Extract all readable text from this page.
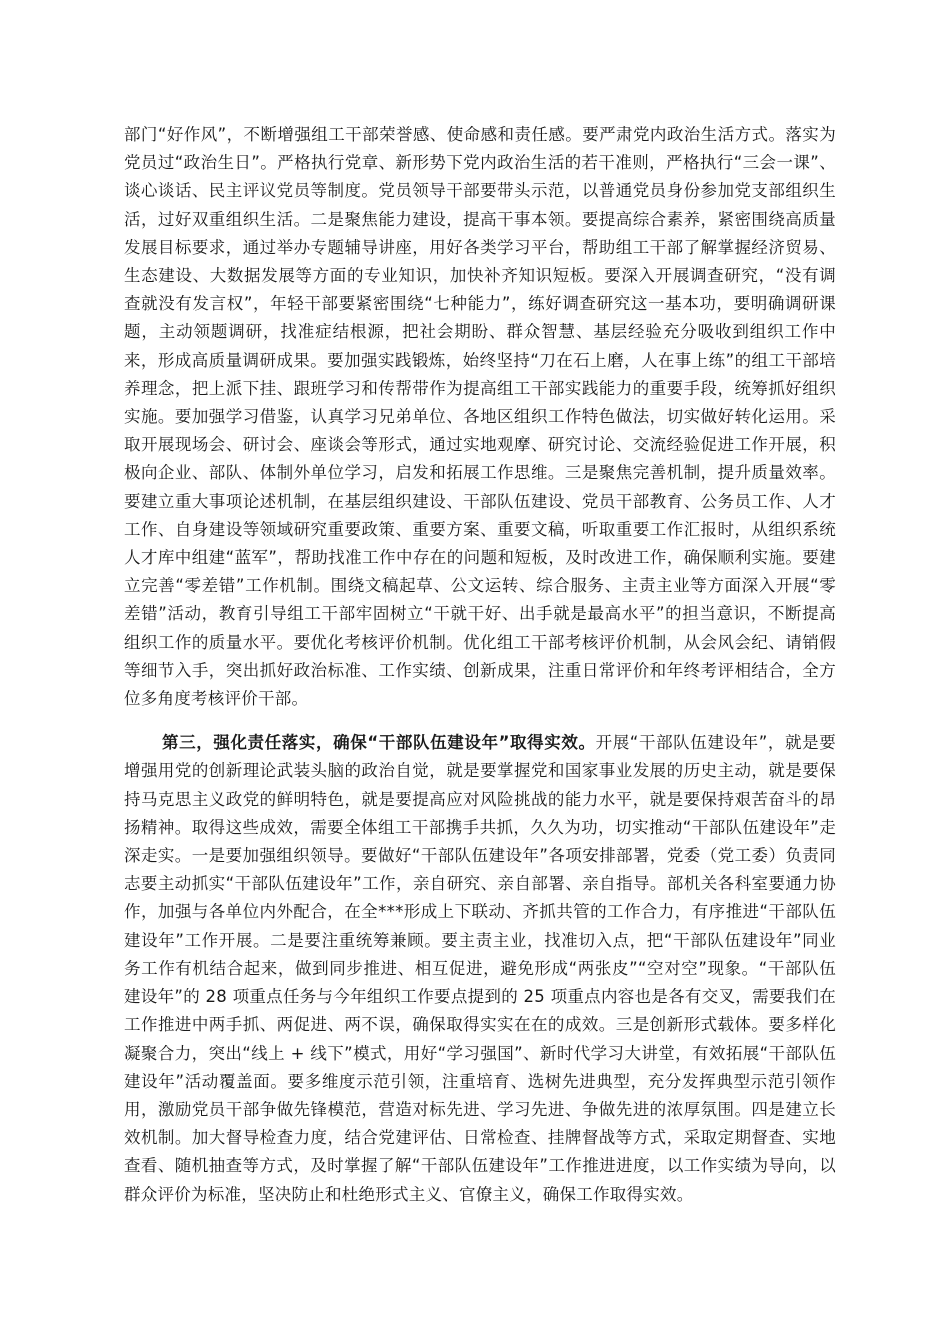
部门“好作风”，不断增强组工干部荣誉感、使命感和责任感。要严肃党内政治生活方式。落实为党员过“政治生日”。严格执行党章、新形势下党内政治生活的若干准则，严格执行“三会一课”、谈心谈话、民主评议党员等制度。党员领导干部要带头示范，以普通党员身份参加党支部组织生活，过好双重组织生活。二是聚焦能力建设，提高干事本领。要提高综合素养，紧密围绕高质量发展目标要求，通过举办专题辅导讲座，用好各类学习平台，帮助组工干部了解掌握经济贸易、生态建设、大数据发展等方面的专业知识，加快补齐知识短板。要深入开展调查研究，“没有调查就没有发言权”，年轻干部要紧密围绕“七种能力”，练好调查研究这一基本功，要明确调研课题，主动领题调研，找准症结根源，把社会期盼、群众智慧、基层经验充分吸收到组织工作中来，形成高质量调研成果。要加强实践锻炼，始终坚持“刀在石上磨，人在事上练”的组工干部培养理念，把上派下挂、跟班学习和传帮带作为提高组工干部实践能力的重要手段，统筹抓好组织实施。要加强学习借鉴，认真学习兄弟单位、各地区组织工作特色做法，切实做好转化运用。采取开展现场会、研讨会、座谈会等形式，通过实地观摩、研究讨论、交流经验促进工作开展，积极向企业、部队、体制外单位学习，启发和拓展工作思维。三是聚焦完善机制，提升质量效率。要建立重大事项论述机制，在基层组织建设、干部队伍建设、党员干部教育、公务员工作、人才工作、自身建设等领域研究重要政策、重要方案、重要文稿，听取重要工作汇报时，从组织系统人才库中组建“蓝军”，帮助找准工作中存在的问题和短板，及时改进工作，确保顺利实施。要建立完善“零差错”工作机制。围绕文稿起草、公文运转、综合服务、主责主业等方面深入开展“零差错”活动，教育引导组工干部牢固树立“干就干好、出手就是最高水平”的担当意识，不断提高组织工作的质量水平。要优化考核评价机制。优化组工干部考核评价机制，从会风会纪、请销假等细节入手，突出抓好政治标准、工作实绩、创新成果，注重日常评价和年终考评相结合，全方位多角度考核评价干部。

第三，强化责任落实，确保“干部队伍建设年”取得实效。开展“干部队伍建设年”，就是要增强用党的创新理论武装头脑的政治自觉，就是要掌握党和国家事业发展的历史主动，就是要保持马克思主义政党的鲜明特色，就是要提高应对风险挑战的能力水平，就是要保持艰苦奋斗的昂扬精神。取得这些成效，需要全体组工干部携手共抓，久久为功，切实推动“干部队伍建设年”走深走实。一是要加强组织领导。要做好“干部队伍建设年”各项安排部署，党委（党工委）负责同志要主动抓实“干部队伍建设年”工作，亲自研究、亲自部署、亲自指导。部机关各科室要通力协作，加强与各单位内外配合，在全***形成上下联动、齐抓共管的工作合力，有序推进“干部队伍建设年”工作开展。二是要注重统筹兼顾。要主责主业，找准切入点，把“干部队伍建设年”同业务工作有机结合起来，做到同步推进、相互促进，避免形成“两张皮”“空对空”现象。“干部队伍建设年”的 28 项重点任务与今年组织工作要点提到的 25 项重点内容也是各有交叉，需要我们在工作推进中两手抓、两促进、两不误，确保取得实实在在的成效。三是创新形式载体。要多样化凝聚合力，突出“线上 + 线下”模式，用好“学习强国”、新时代学习大讲堂，有效拓展“干部队伍建设年”活动覆盖面。要多维度示范引领，注重培育、选树先进典型，充分发挥典型示范引领作用，激励党员干部争做先锋模范，营造对标先进、学习先进、争做先进的浓厚氛围。四是建立长效机制。加大督导检查力度，结合党建评估、日常检查、挂牌督战等方式，采取定期督查、实地查看、随机抽查等方式，及时掌握了解“干部队伍建设年”工作推进进度，以工作实绩为导向，以群众评价为标准，坚决防止和杜绝形式主义、官僚主义，确保工作取得实效。
